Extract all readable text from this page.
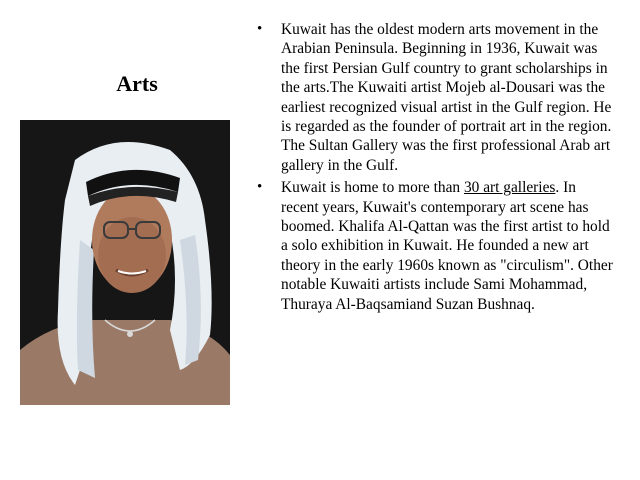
Arts
• Kuwait has the oldest modern arts movement in the Arabian Peninsula. Beginning in 1936, Kuwait was the first Persian Gulf country to grant scholarships in the arts.The Kuwaiti artist Mojeb al-Dousari was the earliest recognized visual artist in the Gulf region. He is regarded as the founder of portrait art in the region. The Sultan Gallery was the first professional Arab art gallery in the Gulf.
• Kuwait is home to more than 30 art galleries. In recent years, Kuwait's contemporary art scene has boomed. Khalifa Al-Qattan was the first artist to hold a solo exhibition in Kuwait. He founded a new art theory in the early 1960s known as "circulism". Other notable Kuwaiti artists include Sami Mohammad, Thuraya Al-Baqsamiand Suzan Bushnaq.
